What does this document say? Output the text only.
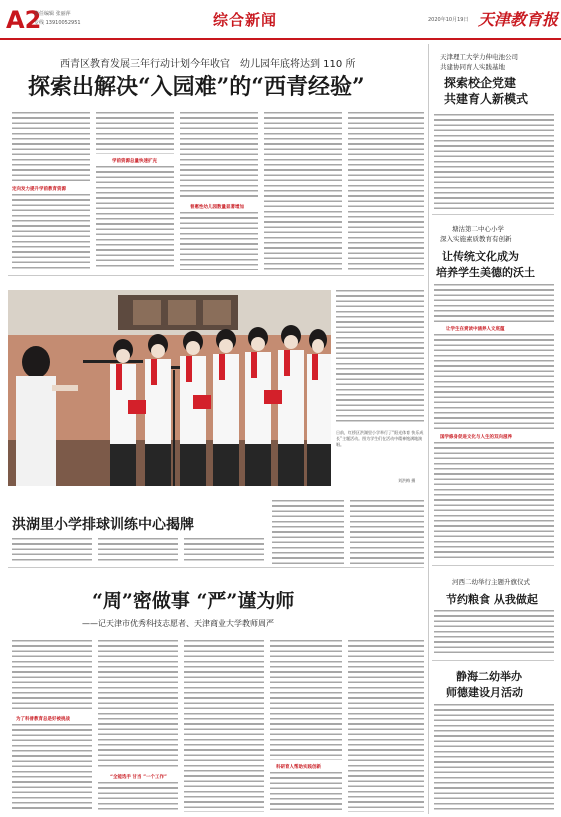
A2
责任编辑 张丽萍
专线 13910052951	综合新闻	2020年10月19日 天津教育报
西青区教育发展三年行动计划今年收官　幼儿园年底将达到 110 所
探索出解决“入园难”的“西青经验”
定向发力提升学前教育资源
学前资源总量快速扩充
普惠性幼儿园数量显著增加
天津理工大学力伸电池公司
共建协同育人实践基地
探索校企党建
共建育人新模式
塘沽第二中心小学
深入实施素质教育有创新
让传统文化成为
培养学生美德的沃土
让学生在赏读中涵养人文底蕴
国学修身促进文化与人生的双向滋养
日前，红桥区洪湖里小学举行了“阳光体育 快乐成长”主题活动。图为学生们在活动中精神饱满地演唱。
刘洪梅 摄
洪湖里小学排球训练中心揭牌
“周”密做事 “严”谨为师
——记天津市优秀科技志愿者、天津商业大学教师周严
为了科普教育总是好被挑战
“全能选手 甘当 ”一个工作”
科研育人帮助实践创新
河西二幼举行主题升旗仪式
节约粮食 从我做起
静海二幼举办
师德建设月活动
